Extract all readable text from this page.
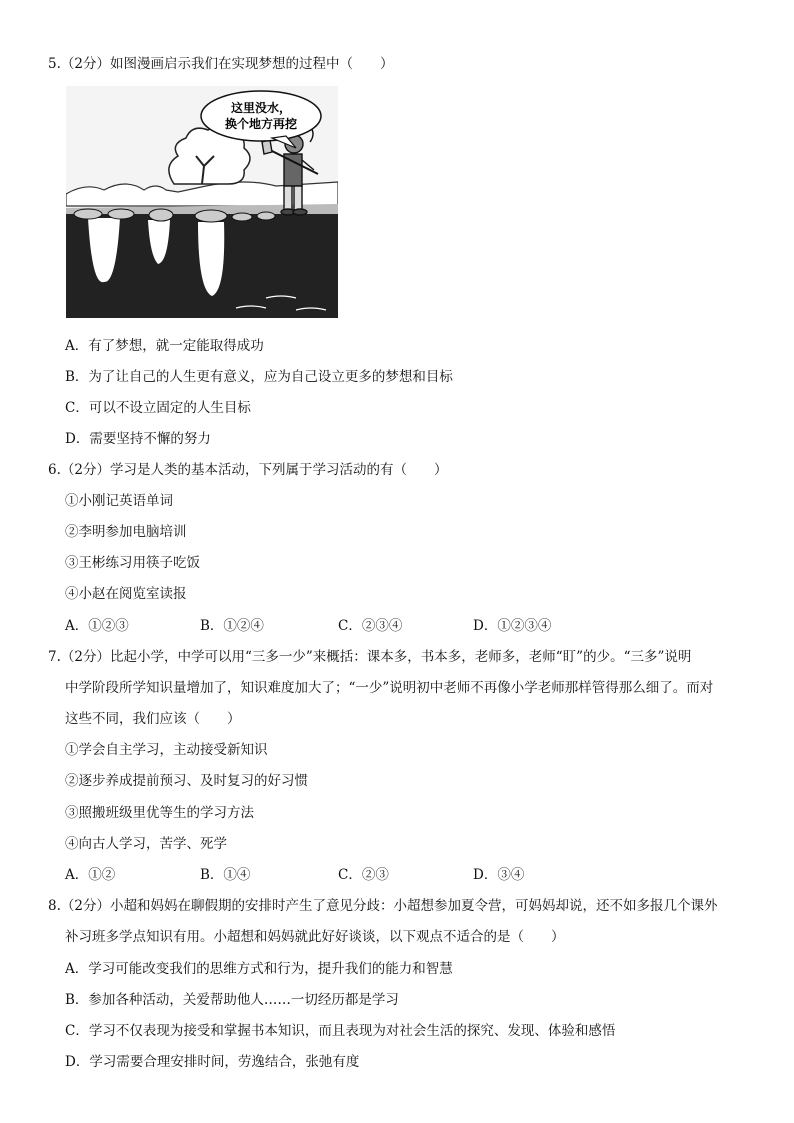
5.（2分）如图漫画启示我们在实现梦想的过程中（　　）
这里没水，
换个地方再挖
A．有了梦想，就一定能取得成功
B．为了让自己的人生更有意义，应为自己设立更多的梦想和目标
C．可以不设立固定的人生目标
D．需要坚持不懈的努力
6.（2分）学习是人类的基本活动，下列属于学习活动的有（　　）
①小刚记英语单词
②李明参加电脑培训
③王彬练习用筷子吃饭
④小赵在阅览室读报
A．①②③	B．①②④	C．②③④	D．①②③④
7.（2分）比起小学，中学可以用“三多一少”来概括：课本多，书本多，老师多，老师“盯”的少。“三多”说明
中学阶段所学知识量增加了，知识难度加大了；“一少”说明初中老师不再像小学老师那样管得那么细了。而对
这些不同，我们应该（　　）
①学会自主学习，主动接受新知识
②逐步养成提前预习、及时复习的好习惯
③照搬班级里优等生的学习方法
④向古人学习，苦学、死学
A．①②	B．①④	C．②③	D．③④
8.（2分）小超和妈妈在聊假期的安排时产生了意见分歧：小超想参加夏令营，可妈妈却说，还不如多报几个课外
补习班多学点知识有用。小超想和妈妈就此好好谈谈，以下观点不适合的是（　　）
A．学习可能改变我们的思维方式和行为，提升我们的能力和智慧
B．参加各种活动，关爱帮助他人……一切经历都是学习
C．学习不仅表现为接受和掌握书本知识，而且表现为对社会生活的探究、发现、体验和感悟
D．学习需要合理安排时间，劳逸结合，张弛有度
